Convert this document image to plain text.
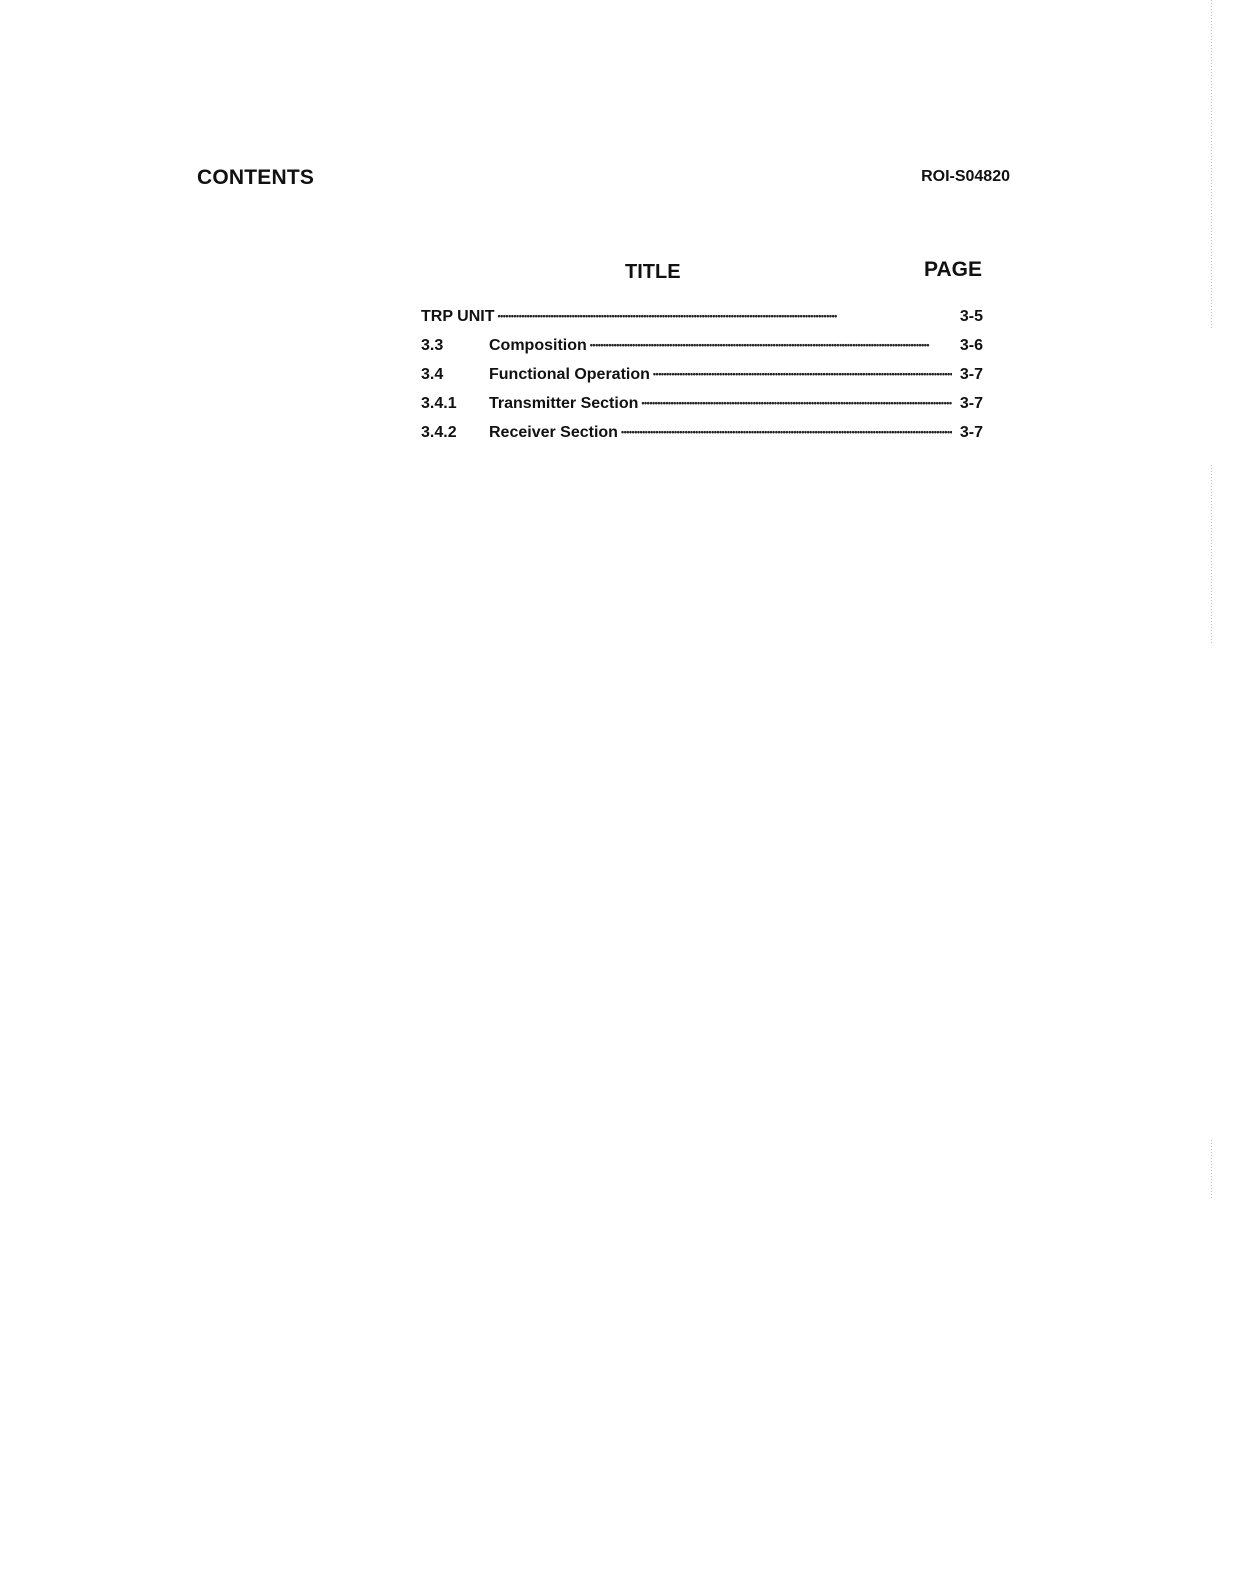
CONTENTS	ROI-S04820
TITLE	PAGE
TRP UNIT •••••	3-5
3.3	Composition •••••	3-6
3.4	Functional Operation •••••	3-7
3.4.1	Transmitter Section •••••	3-7
3.4.2	Receiver Section •••••	3-7
